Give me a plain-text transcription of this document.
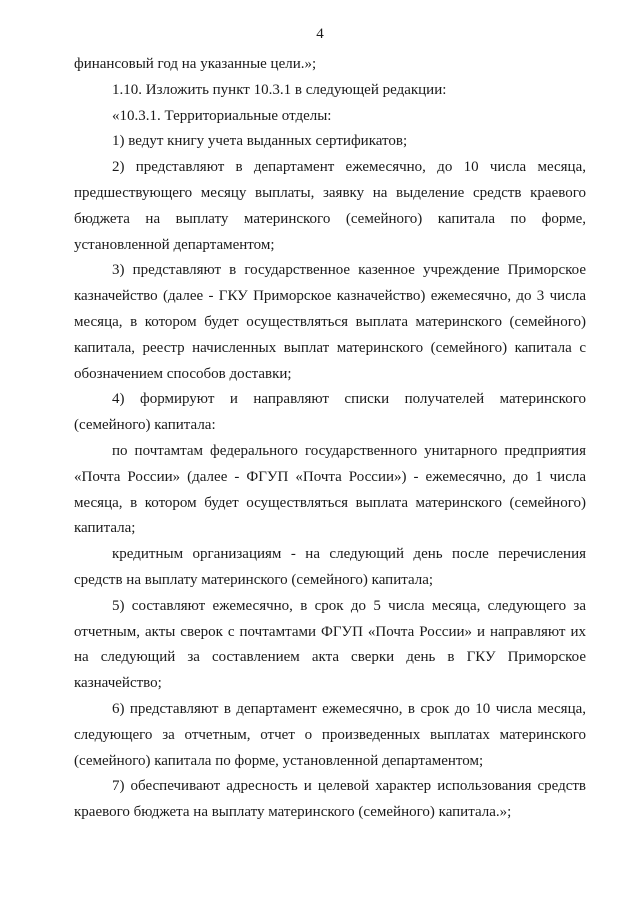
4

финансовый год на указанные цели.»;

1.10. Изложить пункт 10.3.1 в следующей редакции:

«10.3.1. Территориальные отделы:

1) ведут книгу учета выданных сертификатов;

2) представляют в департамент ежемесячно, до 10 числа месяца, предшествующего месяцу выплаты, заявку на выделение средств краевого бюджета на выплату материнского (семейного) капитала по форме, установленной департаментом;

3) представляют в государственное казенное учреждение Приморское казначейство (далее - ГКУ Приморское казначейство) ежемесячно, до 3 числа месяца, в котором будет осуществляться выплата материнского (семейного) капитала, реестр начисленных выплат материнского (семейного) капитала с обозначением способов доставки;

4) формируют и направляют списки получателей материнского (семейного) капитала:

по почтамтам федерального государственного унитарного предприятия «Почта России» (далее - ФГУП «Почта России») - ежемесячно, до 1 числа месяца, в котором будет осуществляться выплата материнского (семейного) капитала;

кредитным организациям - на следующий день после перечисления средств на выплату материнского (семейного) капитала;

5) составляют ежемесячно, в срок до 5 числа месяца, следующего за отчетным, акты сверок с почтамтами ФГУП «Почта России» и направляют их на следующий за составлением акта сверки день в ГКУ Приморское казначейство;

6) представляют в департамент ежемесячно, в срок до 10 числа месяца, следующего за отчетным, отчет о произведенных выплатах материнского (семейного) капитала по форме, установленной департаментом;

7) обеспечивают адресность и целевой характер использования средств краевого бюджета на выплату материнского (семейного) капитала.»;
